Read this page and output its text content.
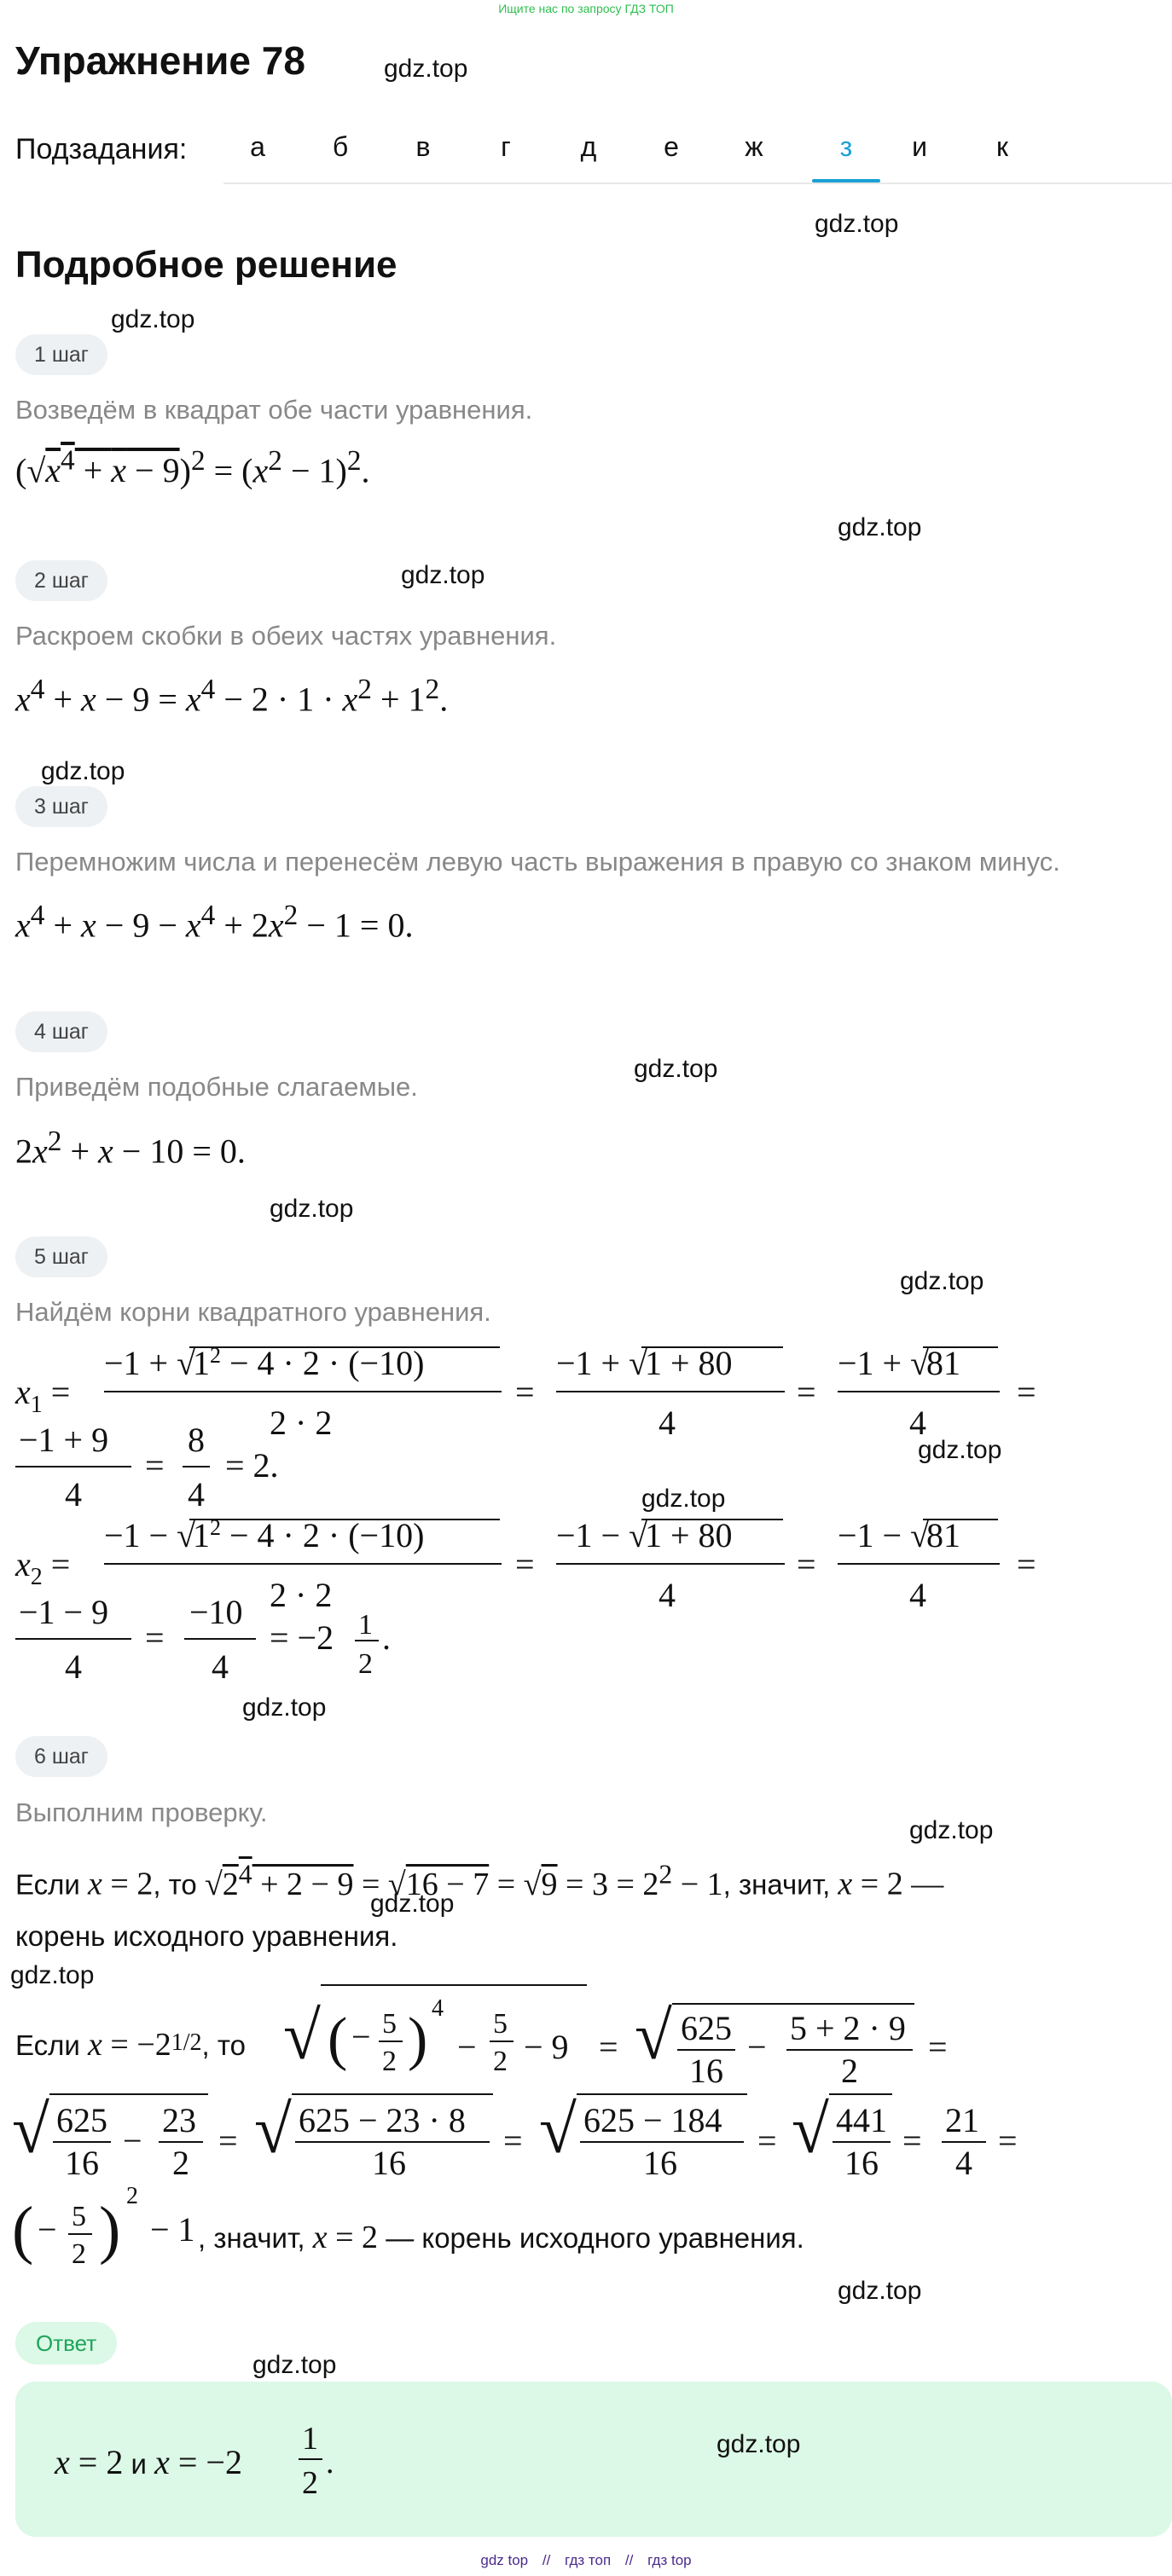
Ищите нас по запросу ГДЗ ТОП
Упражнение 78	gdz.top
Подзадания:	а	б	в	г	д	е	ж	з	и	к
gdz.top
Подробное решение
gdz.top
1 шаг
Возведём в квадрат обе части уравнения.
$(√x^4 + x - 9)^2 = (x^2 - 1)^2$.
gdz.top
gdz.top
2 шаг
Раскроем скобки в обеих частях уравнения.
$x^4 + x - 9 = x^4 - 2 \cdot 1 \cdot x^2 + 1^2$.
gdz.top
3 шаг
Перемножим числа и перенесём левую часть выражения в правую со знаком минус.
$x^4 + x - 9 - x^4 + 2x^2 - 1 = 0$.
4 шаг
gdz.top
Приведём подобные слагаемые.
$2x^2 + x - 10 = 0$.
gdz.top
5 шаг
gdz.top
Найдём корни квадратного уравнения.
$x_1$ =
−1 + √
$1^2 - 4 \cdot 2 \cdot (-10)$
2 · 2
=
−1 + √
1 + 80
4
=
−1 + √
81
4
=
−1 + 9
4
=
8
4
= 2.
$x_2$ =
−1 − √
$1^2 - 4 \cdot 2 \cdot (-10)$
2 · 2
=
−1 − √
1 + 80
4
=
−1 − √
81
4
=
−1 − 9
4
=
−10
4
= −2 1
2
.
gdz.top
gdz.top
gdz.top
6 шаг
Выполним проверку.
gdz.top
Если x = 2, то $√2^4 + 2 - 9 = √16 - 7 = √9 = 3 = 2^2 - 1$, значит, x = 2 —
gdz.top
корень исходного уравнения.
gdz.top
Если x = −21/2, то √ ( − 5
2 ) 4
−
5
2 − 9 = √ 625
16
− 5 + 2 · 9
2
=
√ 625
16
−
23
2
= √ 625 − 23 · 8
16
= √ 625 − 184
16
= √ 441
16
=
21
4
=
( − 5
2 ) 2
− 1 , значит, x = 2 — корень исходного уравнения.
gdz.top
Ответ
gdz.top
gdz.top
x = 2 и x = −2
1
2
.
gdz top // гдз топ // гдз top
